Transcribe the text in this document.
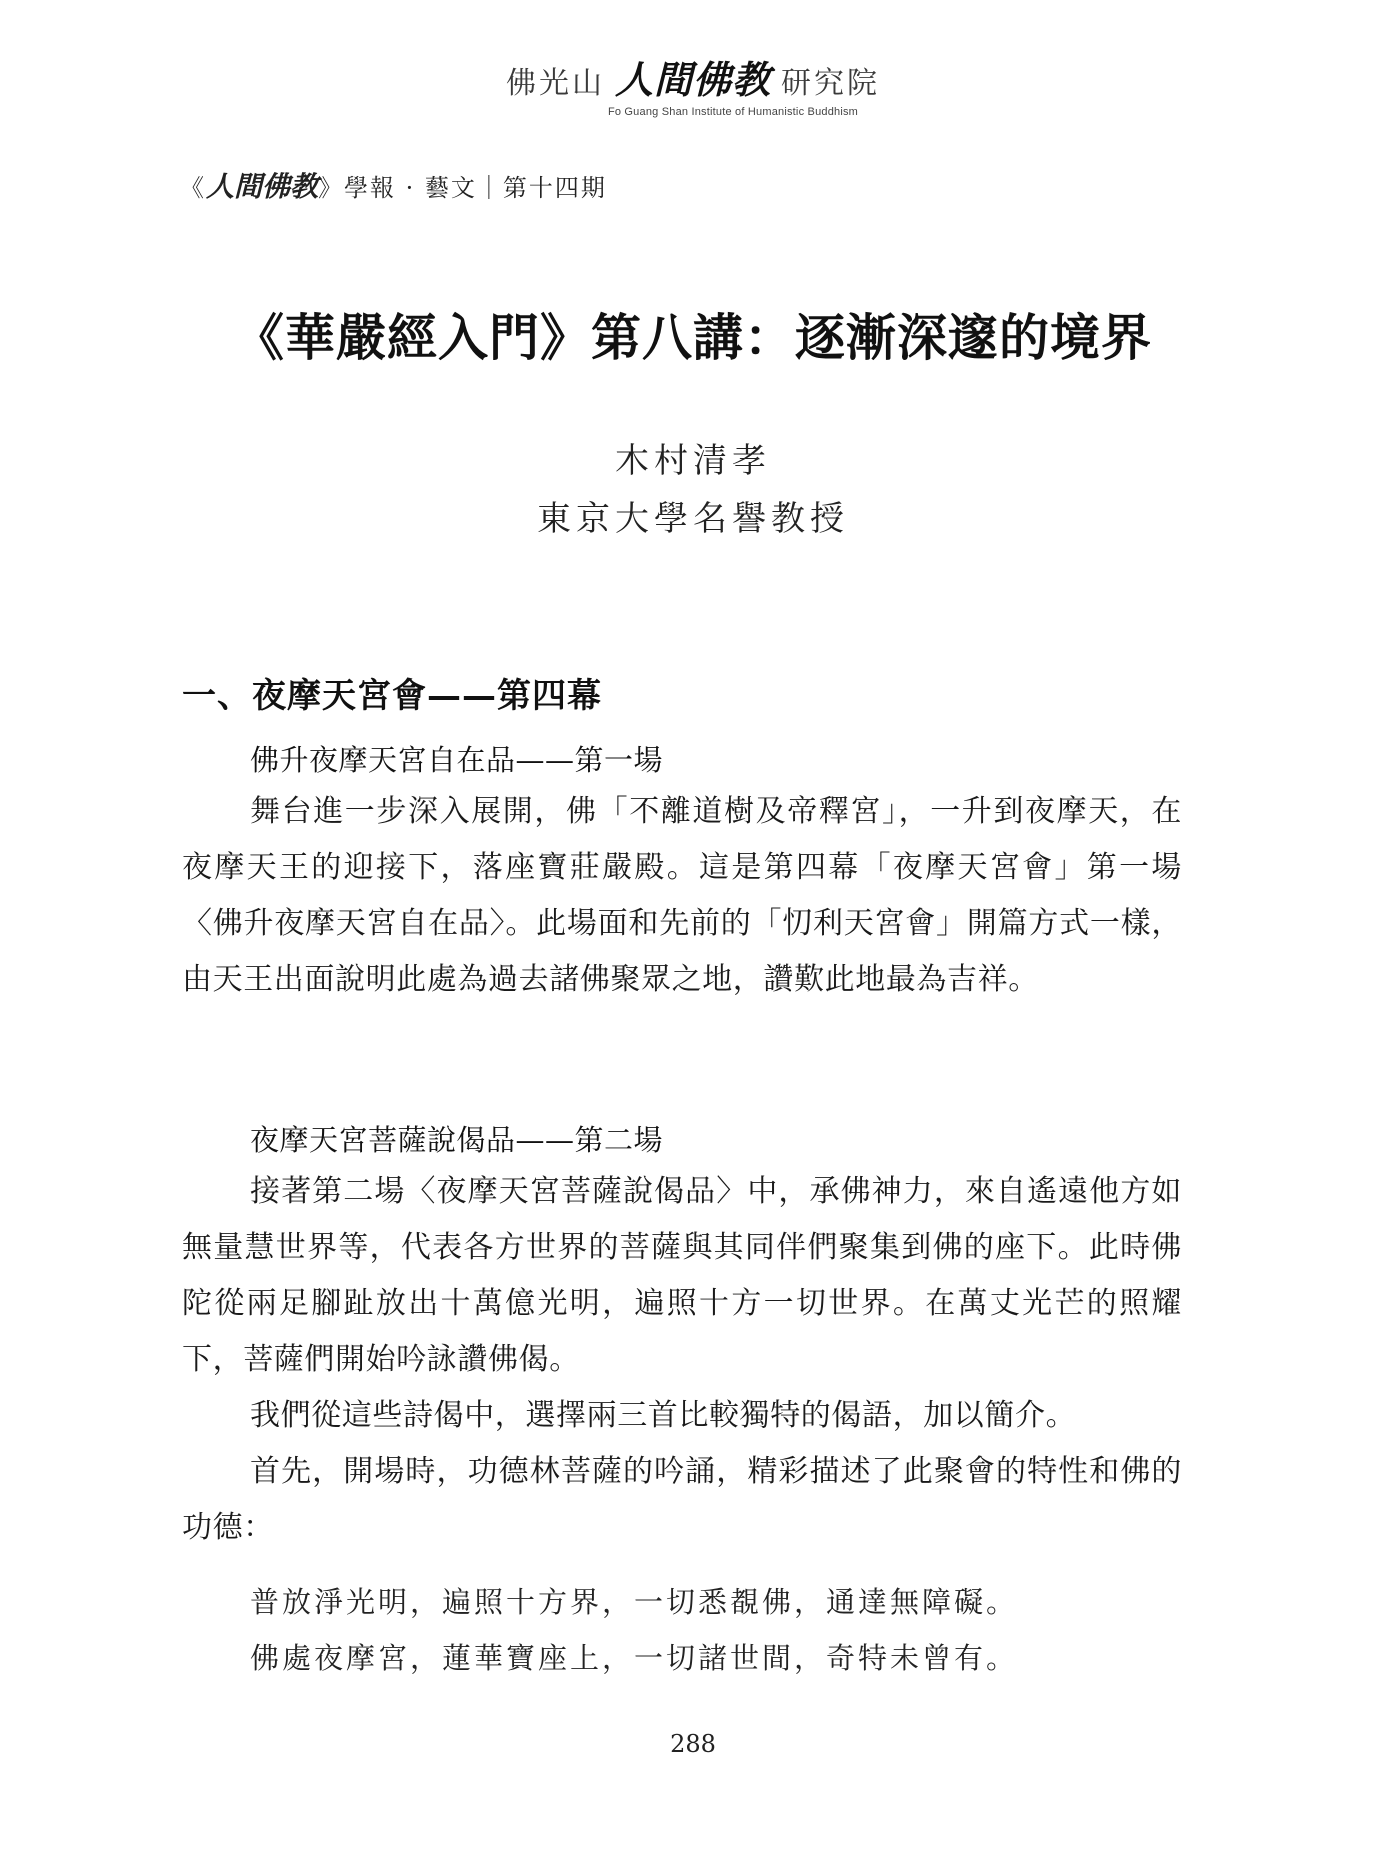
佛光山 人間佛教 研究院
Fo Guang Shan Institute of Humanistic Buddhism
《人間佛教》學報 · 藝文｜第十四期
《華嚴經入門》第八講：逐漸深邃的境界
木村清孝
東京大學名譽教授
一、夜摩天宮會——第四幕
佛升夜摩天宮自在品——第一場
舞台進一步深入展開，佛「不離道樹及帝釋宮」，一升到夜摩天，在夜摩天王的迎接下，落座寶莊嚴殿。這是第四幕「夜摩天宮會」第一場〈佛升夜摩天宮自在品〉。此場面和先前的「忉利天宮會」開篇方式一樣，由天王出面說明此處為過去諸佛聚眾之地，讚歎此地最為吉祥。
夜摩天宮菩薩說偈品——第二場
接著第二場〈夜摩天宮菩薩說偈品〉中，承佛神力，來自遙遠他方如無量慧世界等，代表各方世界的菩薩與其同伴們聚集到佛的座下。此時佛陀從兩足腳趾放出十萬億光明，遍照十方一切世界。在萬丈光芒的照耀下，菩薩們開始吟詠讚佛偈。
我們從這些詩偈中，選擇兩三首比較獨特的偈語，加以簡介。
首先，開場時，功德林菩薩的吟誦，精彩描述了此聚會的特性和佛的功德：
普放淨光明，遍照十方界，一切悉覩佛，通達無障礙。
佛處夜摩宮，蓮華寶座上，一切諸世間，奇特未曾有。
288
